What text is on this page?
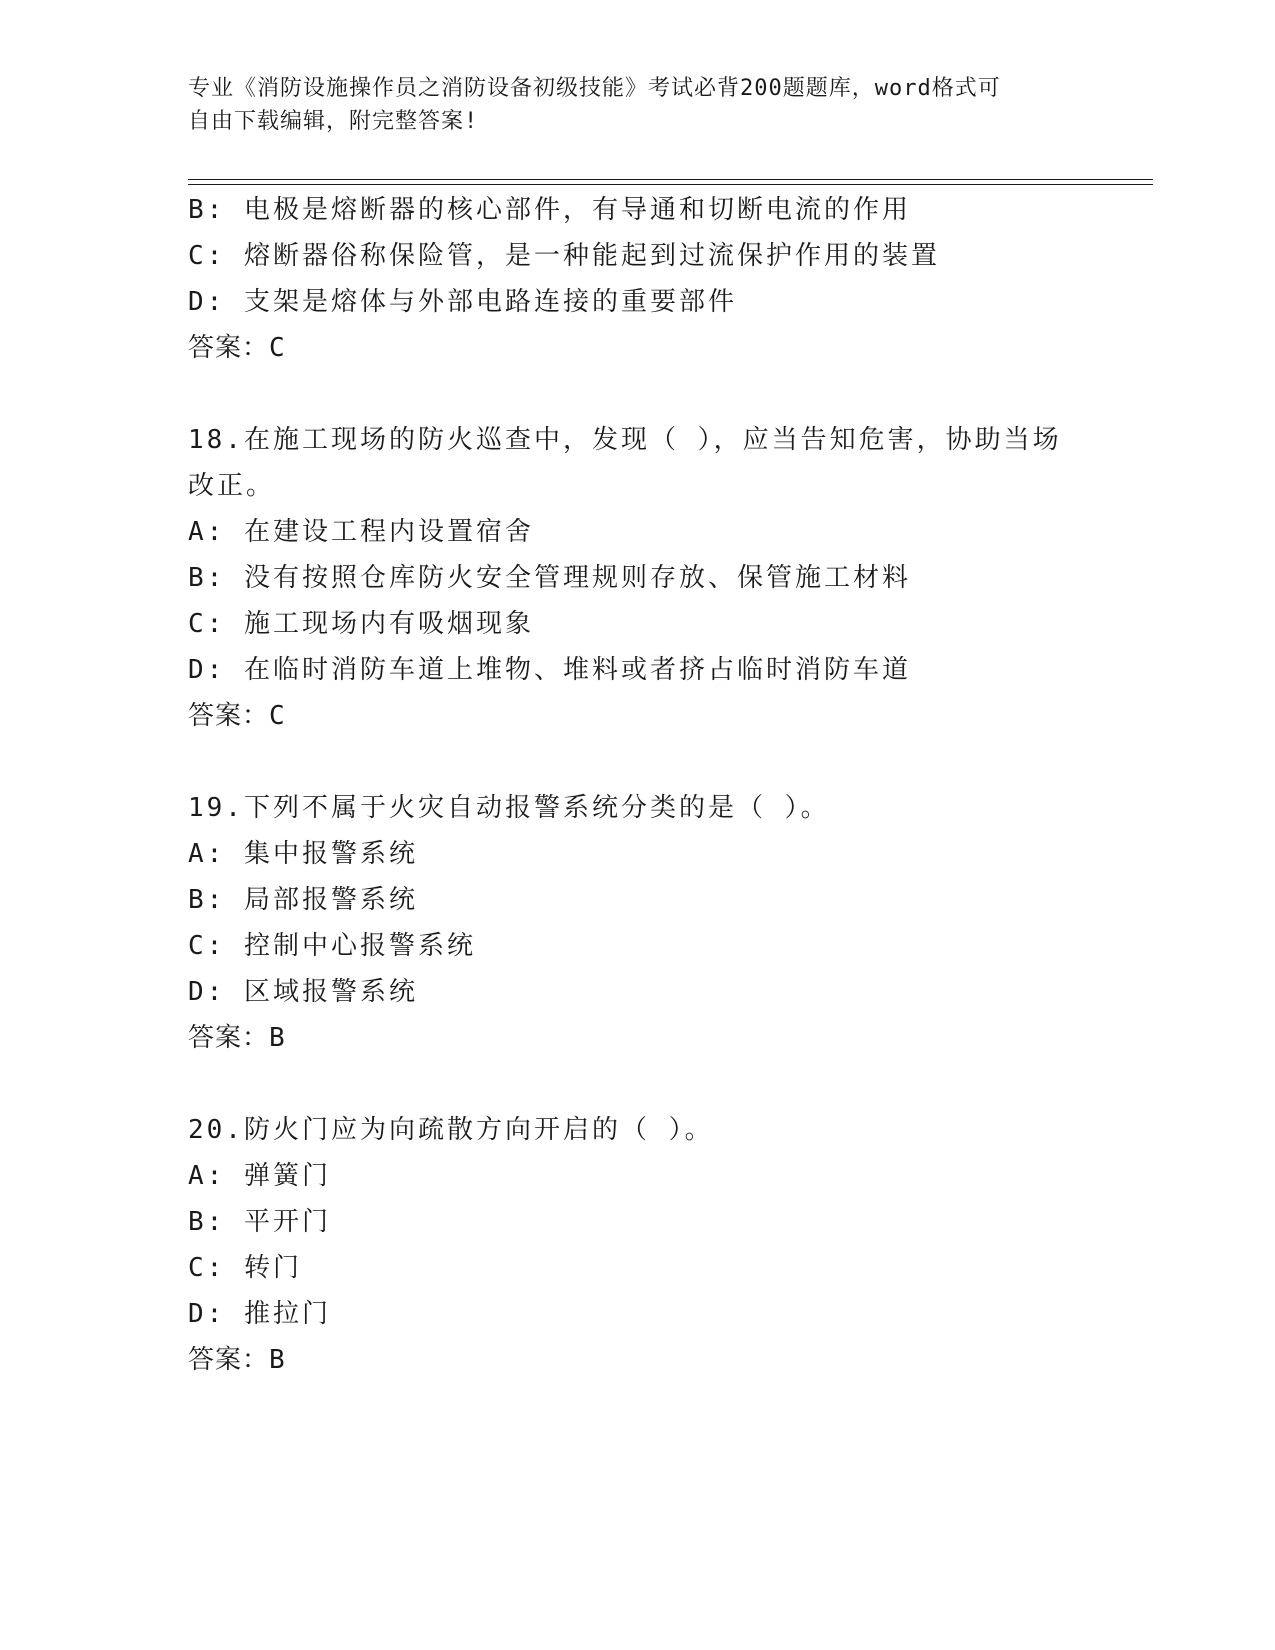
专业《消防设施操作员之消防设备初级技能》考试必背200题题库，word格式可
自由下载编辑，附完整答案!
B: 电极是熔断器的核心部件，有导通和切断电流的作用
C: 熔断器俗称保险管，是一种能起到过流保护作用的装置
D: 支架是熔体与外部电路连接的重要部件
答案：C
18.在施工现场的防火巡查中，发现（ ），应当告知危害，协助当场
改正。
A: 在建设工程内设置宿舍
B: 没有按照仓库防火安全管理规则存放、保管施工材料
C: 施工现场内有吸烟现象
D: 在临时消防车道上堆物、堆料或者挤占临时消防车道
答案：C
19.下列不属于火灾自动报警系统分类的是（ ）。
A: 集中报警系统
B: 局部报警系统
C: 控制中心报警系统
D: 区域报警系统
答案：B
20.防火门应为向疏散方向开启的（ ）。
A: 弹簧门
B: 平开门
C: 转门
D: 推拉门
答案：B
